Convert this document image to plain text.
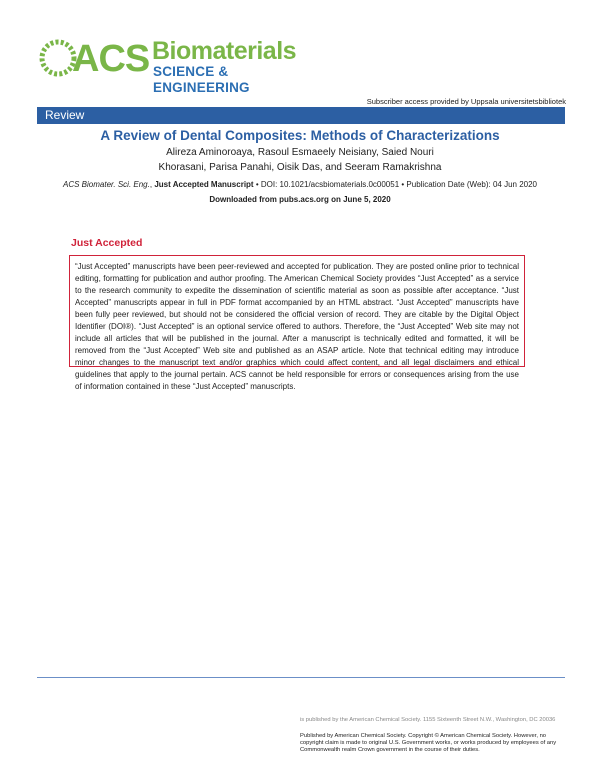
ACS Biomaterials
SCIENCE & ENGINEERING
Subscriber access provided by Uppsala universitetsbibliotek
Review
A Review of Dental Composites: Methods of Characterizations
Alireza Aminoroaya, Rasoul Esmaeely Neisiany, Saied Nouri
Khorasani, Parisa Panahi, Oisik Das, and Seeram Ramakrishna
ACS Biomater. Sci. Eng., Just Accepted Manuscript • DOI: 10.1021/acsbiomaterials.0c00051 • Publication Date (Web): 04 Jun 2020
Downloaded from pubs.acs.org on June 5, 2020
Just Accepted
“Just Accepted” manuscripts have been peer-reviewed and accepted for publication. They are posted online prior to technical editing, formatting for publication and author proofing. The American Chemical Society provides “Just Accepted” as a service to the research community to expedite the dissemination of scientific material as soon as possible after acceptance. “Just Accepted” manuscripts appear in full in PDF format accompanied by an HTML abstract. “Just Accepted” manuscripts have been fully peer reviewed, but should not be considered the official version of record. They are citable by the Digital Object Identifier (DOI®). “Just Accepted” is an optional service offered to authors. Therefore, the “Just Accepted” Web site may not include all articles that will be published in the journal. After a manuscript is technically edited and formatted, it will be removed from the “Just Accepted” Web site and published as an ASAP article. Note that technical editing may introduce minor changes to the manuscript text and/or graphics which could affect content, and all legal disclaimers and ethical guidelines that apply to the journal pertain. ACS cannot be held responsible for errors or consequences arising from the use of information contained in these “Just Accepted” manuscripts.
is published by the American Chemical Society. 1155 Sixteenth Street N.W., Washington, DC 20036
Published by American Chemical Society. Copyright © American Chemical Society. However, no copyright claim is made to original U.S. Government works, or works produced by employees of any Commonwealth realm Crown government in the course of their duties.
